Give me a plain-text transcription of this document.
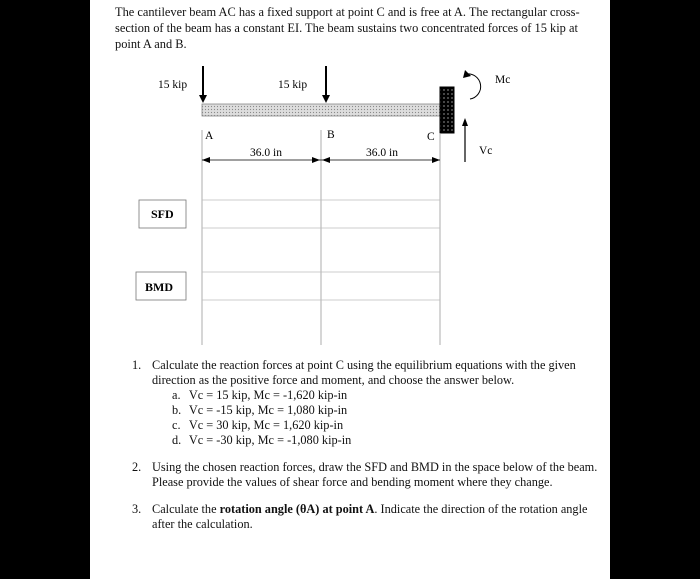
The cantilever beam AC has a fixed support at point C and is free at A. The rectangular cross-section of the beam has a constant EI. The beam sustains two concentrated forces of 15 kip at point A and B.

15 kip	15 kip	Mc
Vc
A	B	C
36.0 in	36.0 in
SFD
BMD
1. Calculate the reaction forces at point C using the equilibrium equations with the given direction as the positive force and moment, and choose the answer below.
a. Vc = 15 kip, Mc = -1,620 kip-in
b. Vc = -15 kip, Mc = 1,080 kip-in
c. Vc = 30 kip, Mc = 1,620 kip-in
d. Vc = -30 kip, Mc = -1,080 kip-in
2. Using the chosen reaction forces, draw the SFD and BMD in the space below of the beam. Please provide the values of shear force and bending moment where they change.
3. Calculate the rotation angle (θA) at point A. Indicate the direction of the rotation angle after the calculation.
